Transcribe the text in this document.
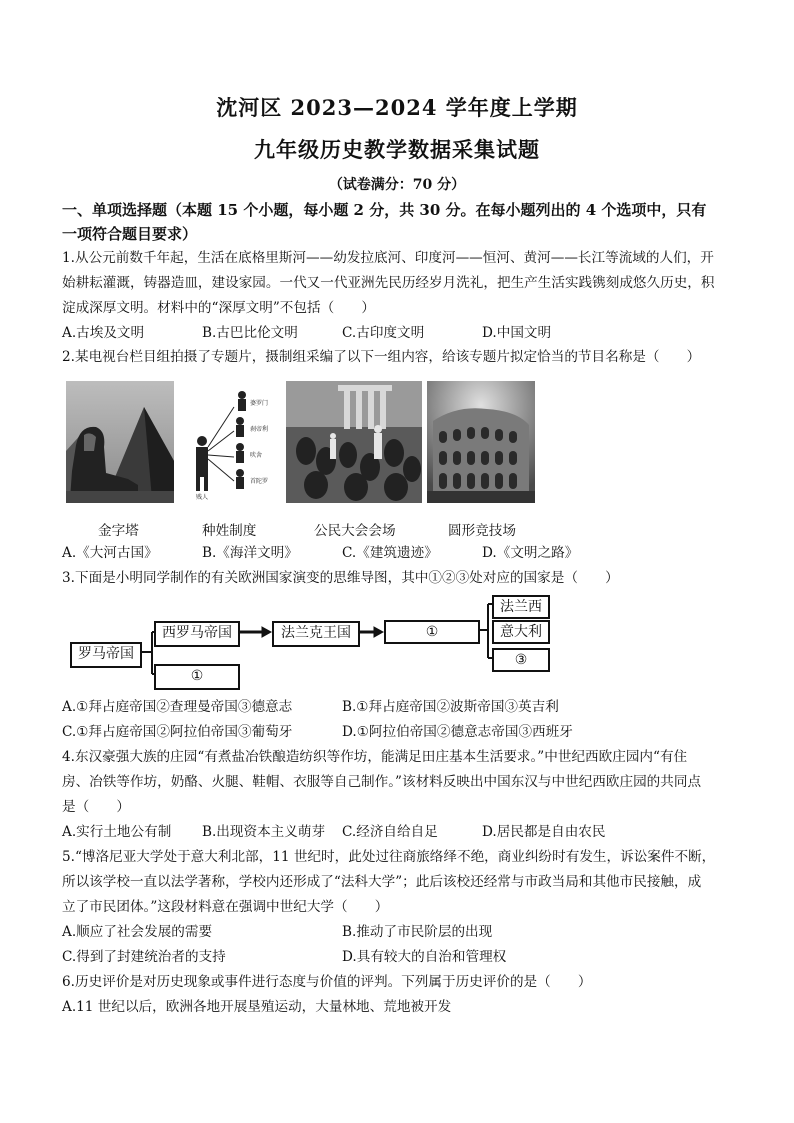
沈河区 2023—2024 学年度上学期
九年级历史教学数据采集试题
（试卷满分：70 分）
一、单项选择题（本题 15 个小题，每小题 2 分，共 30 分。在每小题列出的 4 个选项中，只有
一项符合题目要求）
1.从公元前数千年起，生活在底格里斯河——幼发拉底河、印度河——恒河、黄河——长江等流域的人们，开
始耕耘灌溉，铸器造皿，建设家园。一代又一代亚洲先民历经岁月洗礼，把生产生活实践镌刻成悠久历史，积
淀成深厚文明。材料中的“深厚文明”不包括（　　）
A.古埃及文明	B.古巴比伦文明	C.古印度文明	D.中国文明
2.某电视台栏目组拍摄了专题片，摄制组采编了以下一组内容，给该专题片拟定恰当的节目名称是（　　）
婆罗门
刹帝利
吠舍
首陀罗
贱人
金字塔	种姓制度	公民大会会场	圆形竞技场
A.《大河古国》	B.《海洋文明》	C.《建筑遗迹》	D.《文明之路》
3.下面是小明同学制作的有关欧洲国家演变的思维导图，其中①②③处对应的国家是（　　）
罗马帝国
西罗马帝国
①
法兰克王国	①
法兰西
意大利
③
A.①拜占庭帝国②查理曼帝国③德意志	B.①拜占庭帝国②波斯帝国③英吉利
C.①拜占庭帝国②阿拉伯帝国③葡萄牙	D.①阿拉伯帝国②德意志帝国③西班牙
4.东汉豪强大族的庄园“有煮盐冶铁酿造纺织等作坊，能满足田庄基本生活要求。”中世纪西欧庄园内“有住
房、冶铁等作坊，奶酪、火腿、鞋帽、衣服等自己制作。”该材料反映出中国东汉与中世纪西欧庄园的共同点
是（　　）
A.实行土地公有制 B.出现资本主义萌芽 C.经济自给自足	D.居民都是自由农民
5.“博洛尼亚大学处于意大利北部，11 世纪时，此处过往商旅络绎不绝，商业纠纷时有发生，诉讼案件不断，
所以该学校一直以法学著称，学校内还形成了“法科大学”；此后该校还经常与市政当局和其他市民接触，成
立了市民团体。”这段材料意在强调中世纪大学（　　）
A.顺应了社会发展的需要	B.推动了市民阶层的出现
C.得到了封建统治者的支持	D.具有较大的自治和管理权
6.历史评价是对历史现象或事件进行态度与价值的评判。下列属于历史评价的是（　　）
A.11 世纪以后，欧洲各地开展垦殖运动，大量林地、荒地被开发
